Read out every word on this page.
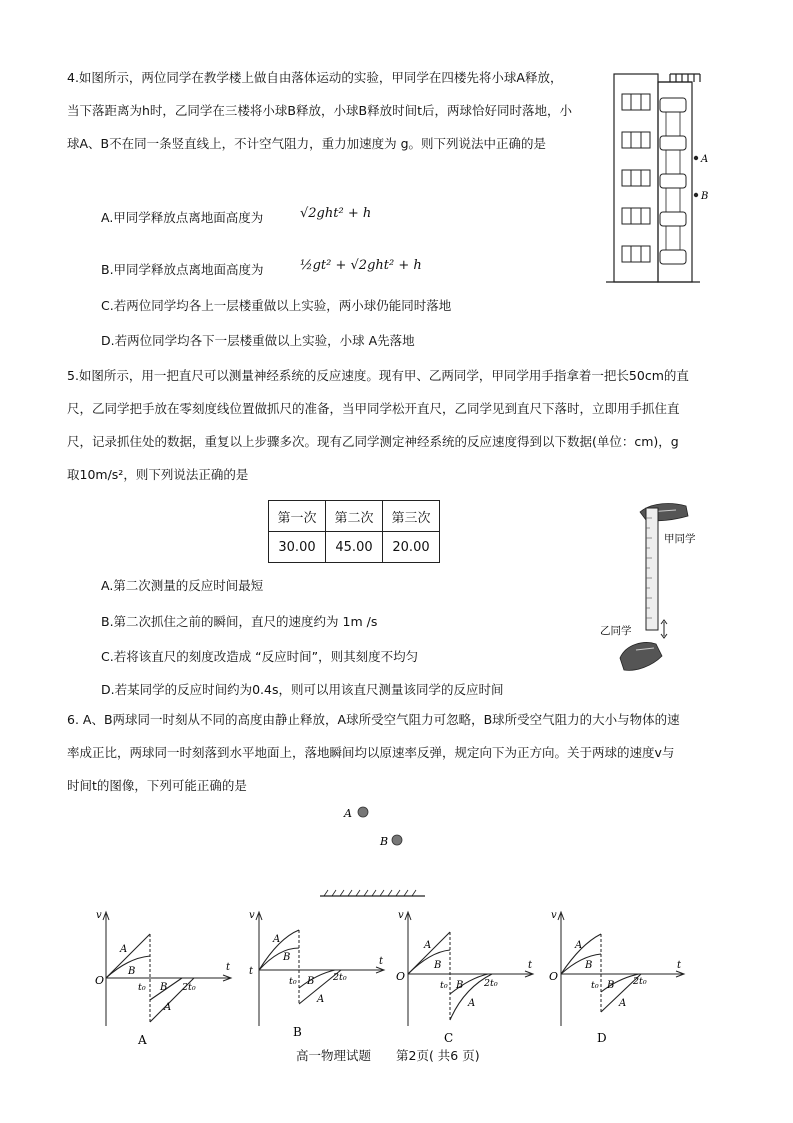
4.如图所示，两位同学在教学楼上做自由落体运动的实验，甲同学在四楼先将小球A释放，
当下落距离为h时，乙同学在三楼将小球B释放，小球B释放时间t后，两球恰好同时落地，小
球A、B不在同一条竖直线上，不计空气阻力，重力加速度为 g。则下列说法中正确的是
A.甲同学释放点离地面高度为	√2ght² + h
B.甲同学释放点离地面高度为	½gt² + √2ght² + h
C.若两位同学均各上一层楼重做以上实验，两小球仍能同时落地
D.若两位同学均各下一层楼重做以上实验，小球 A先落地
A
B
5.如图所示，用一把直尺可以测量神经系统的反应速度。现有甲、乙两同学，甲同学用手指拿着一把长50cm的直
尺，乙同学把手放在零刻度线位置做抓尺的准备，当甲同学松开直尺，乙同学见到直尺下落时，立即用手抓住直
尺，记录抓住处的数据，重复以上步骤多次。现有乙同学测定神经系统的反应速度得到以下数据(单位：cm)，g
取10m/s²，则下列说法正确的是
第一次	第二次	第三次
30.00	45.00	20.00
A.第二次测量的反应时间最短
B.第二次抓住之前的瞬间，直尺的速度约为 1m /s
C.若将该直尺的刻度改造成 “反应时间”，则其刻度不均匀
D.若某同学的反应时间约为0.4s，则可以用该直尺测量该同学的反应时间
甲同学
乙同学
6. A、B两球同一时刻从不同的高度由静止释放，A球所受空气阻力可忽略，B球所受空气阻力的大小与物体的速
率成正比，两球同一时刻落到水平地面上，落地瞬间均以原速率反弹，规定向下为正方向。关于两球的速度v与
时间t的图像，下列可能正确的是
A
B
v
O
t
t₀	2t₀
A
B
B
A
A
v
t
t
t₀	2t₀
A
B
B
A
B
v
O
t
t₀	2t₀
A
B
B
A
C
v
O
t
t₀	2t₀
A
B
B
A
D
高一物理试题　　第2页( 共6 页)
